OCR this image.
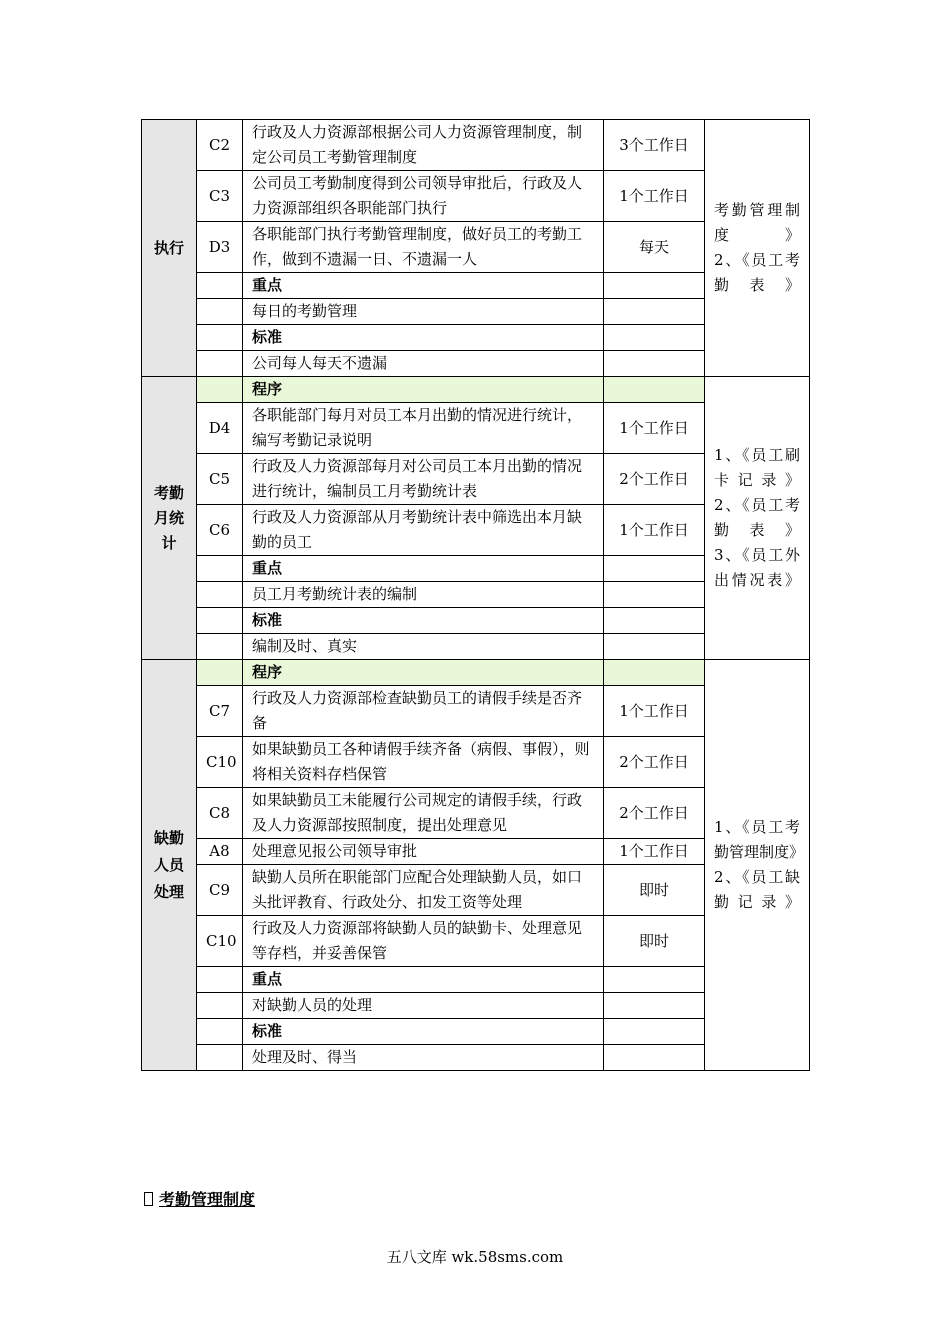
执行	C2	行政及人力资源部根据公司人力资源管理制度，制定公司员工考勤管理制度	3个工作日	考勤管理制度》
2、《员工考勤表》

	C3	公司员工考勤制度得到公司领导审批后，行政及人力资源部组织各职能部门执行	1个工作日	
	D3	各职能部门执行考勤管理制度，做好员工的考勤工作，做到不遗漏一日、不遗漏一人	每天	
		重点		
		每日的考勤管理		
		标准		
		公司每人每天不遗漏		
考勤月统计		程序		1、《员工刷卡记录》
2、《员工考勤表》
3、《员工外出情况表》

	D4	各职能部门每月对员工本月出勤的情况进行统计，编写考勤记录说明	1个工作日	
	C5	行政及人力资源部每月对公司员工本月出勤的情况进行统计，编制员工月考勤统计表	2个工作日	
	C6	行政及人力资源部从月考勤统计表中筛选出本月缺勤的员工	1个工作日	
		重点		
		员工月考勤统计表的编制		
		标准		
		编制及时、真实		
缺勤人员处理		程序		1、《员工考勤管理制度》
2、《员工缺勤记录》

	C7	行政及人力资源部检查缺勤员工的请假手续是否齐备	1个工作日	
	C10	如果缺勤员工各种请假手续齐备（病假、事假），则将相关资料存档保管	2个工作日	
	C8	如果缺勤员工未能履行公司规定的请假手续，行政及人力资源部按照制度，提出处理意见	2个工作日	
	A8	处理意见报公司领导审批	1个工作日	
	C9	缺勤人员所在职能部门应配合处理缺勤人员，如口头批评教育、行政处分、扣发工资等处理	即时	
	C10	行政及人力资源部将缺勤人员的缺勤卡、处理意见等存档，并妥善保管	即时	
		重点		
		对缺勤人员的处理		
		标准		
		处理及时、得当		
考勤管理制度
五八文库 wk.58sms.com
